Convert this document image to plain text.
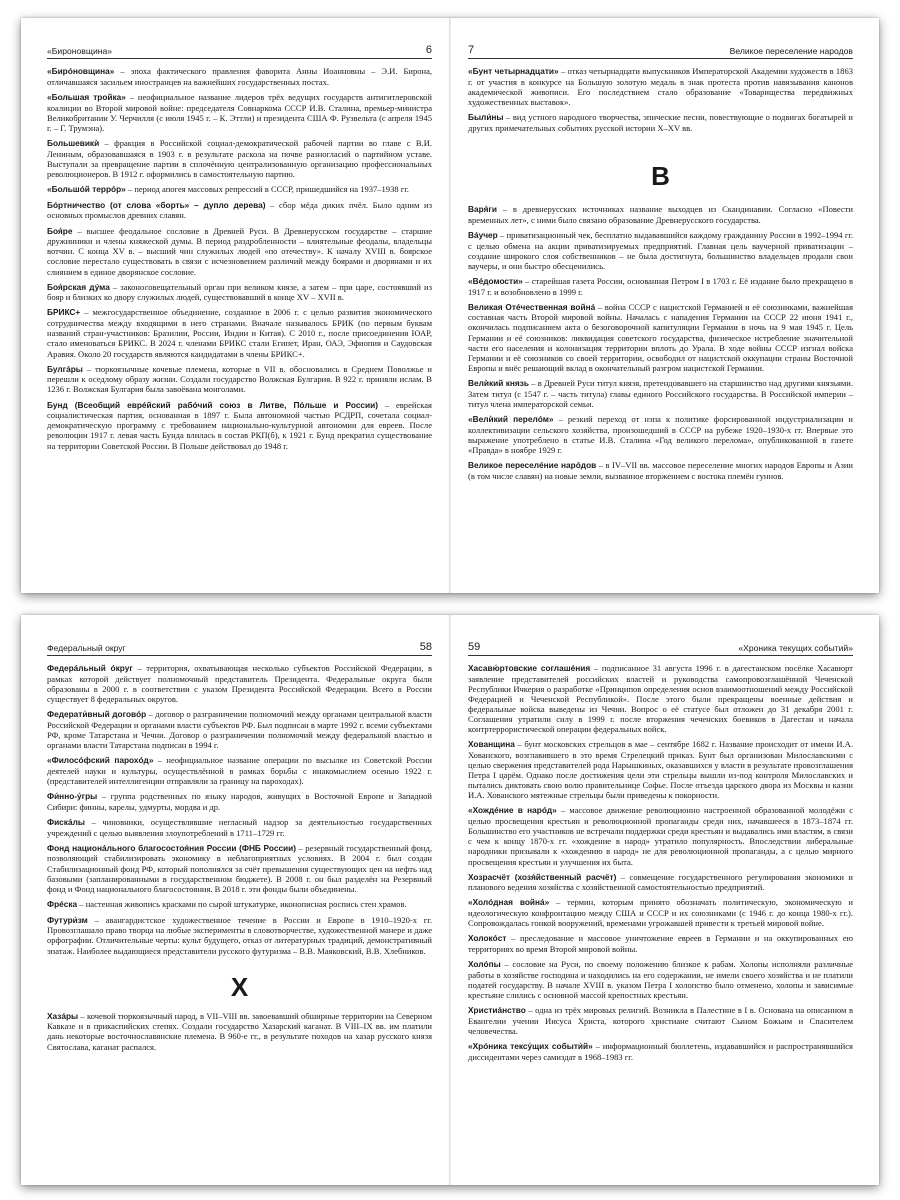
«Бироновщина»	6

«Бирóновщина» – эпоха фактического правления фаворита Анны Иоанновны – Э.И. Бирона, отличавшаяся засильем иностранцев на важнейших государственных постах.

«Большая тройка» – неофициальное название лидеров трёх ведущих государств антигитлеровской коалиции во Второй мировой войне: председателя Совнаркома СССР И.В. Сталина, премьер-министра Великобритании У. Черчилля (с июля 1945 г. – К. Эттли) и президента США Ф. Рузвельта (с апреля 1945 г. – Г. Трумэна).

Большевикѝ – фракция в Российской социал-демократической рабочей партии во главе с В.И. Лениным, образовавшаяся в 1903 г. в результате раскола на почве разногласий о партийном уставе. Выступали за превращение партии в сплочённую централизованную организацию профессиональных революционеров. В 1912 г. оформились в самостоятельную партию.

«Большóй террóр» – период апогея массовых репрессий в СССР, пришедшийся на 1937–1938 гг.

Бóртничество (от слова «борть» – дупло дерева) – сбор мёда диких пчёл. Было одним из основных промыслов древних славян.

Боя́ре – высшее феодальное сословие в Древней Руси. В Древнерусском государстве – старшие дружинники и члены княжеской думы. В период раздробленности – влиятельные феодалы, владельцы вотчин. С конца XV в. – высший чин служилых людей «по отечеству». К началу XVIII в. боярское сословие перестало существовать в связи с исчезновением различий между боярами и дворянами и их слиянием в единое дворянское сословие.

Боя́рская дýма – законосовещательный орган при великом князе, а затем – при царе, состоявший из бояр и близких ко двору служилых людей, существовавший в конце XV – XVII в.

БРИКС+ – межгосударственное объединение, созданное в 2006 г. с целью развития экономического сотрудничества между входящими в него странами. Вначале называлось БРИК (по первым буквам названий стран-участников: Бразилии, России, Индии и Китая). С 2010 г., после присоединения ЮАР, стало именоваться БРИКС. В 2024 г. членами БРИКС стали Египет, Иран, ОАЭ, Эфиопия и Саудовская Аравия. Около 20 государств являются кандидатами в члены БРИКС+.

Булгáры – тюркоязычные кочевые племена, которые в VII в. обосновались в Среднем Поволжье и перешли к оседлому образу жизни. Создали государство Волжская Булгария. В 922 г. приняли ислам. В 1236 г. Волжская Булгария была завоёвана монголами.

Бунд (Всеобщий еврéйский рабóчий союз в Литве, Пóльше и России) – еврейская социалистическая партия, основанная в 1897 г. Была автономной частью РСДРП, сочетала социал-демократическую программу с требованием национально-культурной автономии для евреев. После революции 1917 г. левая часть Бунда влилась в состав РКП(б), к 1921 г. Бунд прекратил существование на территории Советской России. В Польше действовал до 1948 г.

7	Великое переселение народов

«Бунт четырнадцати» – отказ четырнадцати выпускников Императорской Академии художеств в 1863 г. от участия в конкурсе на Большую золотую медаль в знак протеста против навязывания канонов академической живописи. Его последствием стало образование «Товарищества передвижных художественных выставок».

Были́ны – вид устного народного творчества, эпические песни, повествующие о подвигах богатырей и других примечательных событиях русской истории X–XV вв.

В

Варя́ги – в древнерусских источниках название выходцев из Скандинавии. Согласно «Повести временных лет», с ними было связано образование Древнерусского государства.

Вáучер – приватизационный чек, бесплатно выдававшийся каждому гражданину России в 1992–1994 гг. с целью обмена на акции приватизируемых предприятий. Главная цель ваучерной приватизации – создание широкого слоя собственников – не была достигнута, большинство владельцев продали свои ваучеры, и они быстро обесценились.

«Вéдомости» – старейшая газета России, основанная Петром I в 1703 г. Её издание было прекращено в 1917 г. и возобновлено в 1999 г.

Великая Отéчественная войнá – война СССР с нацистской Германией и её союзниками, важнейшая составная часть Второй мировой войны. Началась с нападения Германии на СССР 22 июня 1941 г., окончилась подписанием акта о безоговорочной капитуляции Германии в ночь на 9 мая 1945 г. Цель Германии и её союзников: ликвидация советского государства, физическое истребление значительной части его населения и колонизация территории вплоть до Урала. В ходе войны СССР изгнал войска Германии и её союзников со своей территории, освободил от нацистской оккупации страны Восточной Европы и внёс решающий вклад в окончательный разгром нацистской Германии.

Велѝкий князь – в Древней Руси титул князя, претендовавшего на старшинство над другими князьями. Затем титул (с 1547 г. – часть титула) главы единого Российского государства. В Российской империи – титул члена императорской семьи.

«Велѝкий перелóм» – резкий переход от нэпа к политике форсированной индустриализации и коллективизации сельского хозяйства, произошедший в СССР на рубеже 1920–1930-х гг. Впервые это выражение употреблено в статье И.В. Сталина «Год великого перелома», опубликованной в газете «Правда» в ноябре 1929 г.

Великое переселéние нарóдов – в IV–VII вв. массовое переселение многих народов Европы и Азии (в том числе славян) на новые земли, вызванное вторжением с востока племён гуннов.

Федеральный округ	58

Федерáльный óкруг – территория, охватывающая несколько субъектов Российской Федерации, в рамках которой действует полномочный представитель Президента. Федеральные округа были образованы в 2000 г. в соответствии с указом Президента Российской Федерации. Всего в России существует 8 федеральных округов.

Федерати́вный договóр – договор о разграничении полномочий между органами центральной власти Российской Федерации и органами власти субъектов РФ. Был подписан в марте 1992 г. всеми субъектами РФ, кроме Татарстана и Чечни. Договор о разграничении полномочий между федеральной властью и органами власти Татарстана подписан в 1994 г.

«Филосóфский парохóд» – неофициальное название операции по высылке из Советской России деятелей науки и культуры, осуществлённой в рамках борьбы с инакомыслием осенью 1922 г. (представителей интеллигенции отправляли за границу на пароходах).

Фи́нно-у́гры – группа родственных по языку народов, живущих в Восточной Европе и Западной Сибири: финны, карелы, удмурты, мордва и др.

Фискáлы – чиновники, осуществлявшие негласный надзор за деятельностью государственных учреждений с целью выявления злоупотреблений в 1711–1729 гг.

Фонд национáльного благосостоя́ния России (ФНБ России) – резервный государственный фонд, позволяющий стабилизировать экономику в неблагоприятных условиях. В 2004 г. был создан Стабилизационный фонд РФ, который пополнялся за счёт превышения существующих цен на нефть над базовыми (запланированными в государственном бюджете). В 2008 г. он был разделён на Резервный фонд и Фонд национального благосостояния. В 2018 г. эти фонды были объединены.

Фрéска – настенная живопись красками по сырой штукатурке, иконописная роспись стен храмов.

Футури́зм – авангардистское художественное течение в России и Европе в 1910–1920-х гг. Провозглашало право творца на любые эксперименты в словотворчестве, художественной манере и даже орфографии. Отличительные черты: культ будущего, отказ от литературных традиций, демонстративный эпатаж. Наиболее выдающиеся представители русского футуризма – В.В. Маяковский, В.В. Хлебников.

Х

Хазáры – кочевой тюркоязычный народ, в VII–VIII вв. завоевавший обширные территории на Северном Кавказе и в прикаспийских степях. Создали государство Хазарский каганат. В VIII–IX вв. им платили дань некоторые восточнославянские племена. В 960-е гг., в результате походов на хазар русского князя Святослава, каганат распался.

59	«Хроника текущих событий»

Хасавю́ртовские соглашéния – подписанное 31 августа 1996 г. в дагестанском посёлке Хасавюрт заявление представителей российских властей и руководства самопровозглашённой Чеченской Республики Ичкерия о разработке «Принципов определения основ взаимоотношений между Российской Федерацией и Чеченской Республикой». После этого были прекращены военные действия и федеральные войска выведены из Чечни. Вопрос о её статусе был отложен до 31 декабря 2001 г. Соглашения утратили силу в 1999 г. после вторжения чеченских боевиков в Дагестан и начала контртеррористической операции федеральных войск.

Хованщина – бунт московских стрельцов в мае – сентябре 1682 г. Название происходит от имени И.А. Хованского, возглавившего в это время Стрелецкий приказ. Бунт был организован Милославскими с целью свержения представителей рода Нарышкиных, оказавшихся у власти в результате провозглашения Петра I царём. Однако после достижения цели эти стрельцы вышли из-под контроля Милославских и пытались диктовать свою волю правительнице Софье. После отъезда царского двора из Москвы и казни И.А. Хованского мятежные стрельцы были приведены к покорности.

«Хождéние в нарóд» – массовое движение революционно настроенной образованной молодёжи с целью просвещения крестьян и революционной пропаганды среди них, начавшееся в 1873–1874 гг. Большинство его участников не встречали поддержки среди крестьян и выдавались ими властям, в связи с чем к концу 1870-х гг. «хождение в народ» утратило популярность. Впоследствии либеральные народники призывали к «хождению в народ» не для революционной пропаганды, а с целью мирного просвещения крестьян и улучшения их быта.

Хозрасчёт (хозя́йственный расчёт) – совмещение государственного регулирования экономики и планового ведения хозяйства с хозяйственной самостоятельностью предприятий.

«Холóдная войнá» – термин, которым принято обозначать политическую, экономическую и идеологическую конфронтацию между США и СССР и их союзниками (с 1946 г. до конца 1980-х гг.). Сопровождалась гонкой вооружений, временами угрожавшей привести к третьей мировой войне.

Холокóст – преследование и массовое уничтожение евреев в Германии и на оккупированных ею территориях во время Второй мировой войны.

Холóпы – сословие на Руси, по своему положению близкое к рабам. Холопы исполняли различные работы в хозяйстве господина и находились на его содержании, не имели своего хозяйства и не платили податей государству. В начале XVIII в. указом Петра I холопство было отменено, холопы и зависимые крестьяне слились с основной массой крепостных крестьян.

Христиáнство – одна из трёх мировых религий. Возникла в Палестине в I в. Основана на описанном в Евангелии учении Иисуса Христа, которого христиане считают Сыном Божьим и Спасителем человечества.

«Хрóника тексу́щих событи́й» – информационный бюллетень, издававшийся и распространявшийся диссидентами через самиздат в 1968–1983 гг.
